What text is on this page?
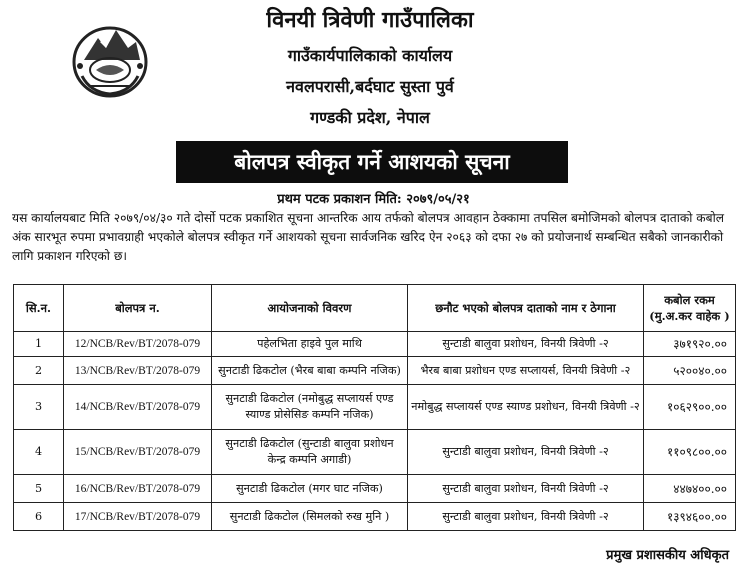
विनयी त्रिवेणी गाउँपालिका
गाउँकार्यपालिकाको कार्यालय
नवलपरासी,बर्दघाट सुस्ता पुर्व
गण्डकी प्रदेश, नेपाल
बोलपत्र स्वीकृत गर्ने आशयको सूचना
प्रथम पटक प्रकाशन मिति: २०७९/०५/२१
यस कार्यालयबाट मिति २०७९/०४/३० गते दोर्सो पटक प्रकाशित सूचना आन्तरिक आय तर्फको बोलपत्र आवहान ठेक्कामा तपसिल बमोजिमको बोलपत्र दाताको कबोल अंक सारभूत रुपमा प्रभावग्राही भएकोले बोलपत्र स्वीकृत गर्ने आशयको सूचना सार्वजनिक खरिद ऐन २०६३ को दफा २७ को प्रयोजनार्थ सम्बन्धित सबैको जानकारीको लागि प्रकाशन गरिएको छ।
सि.न.	बोलपत्र न.	आयोजनाको विवरण	छनौट भएको बोलपत्र दाताको नाम र ठेगाना	कबोल रकम
(मु.अ.कर वाहेक )
1	12/NCB/Rev/BT/2078-079	पहेलभिता हाइवे पुल माथि	सुन्टाडी बालुवा प्रशोधन, विनयी त्रिवेणी -२	३७१९२०.००
2	13/NCB/Rev/BT/2078-079	सुनटाडी ढिकटोल (भैरब बाबा कम्पनि नजिक)	भैरब बाबा प्रशोधन एण्ड सप्लायर्स, विनयी त्रिवेणी -२	५२००४०.००
3	14/NCB/Rev/BT/2078-079	सुनटाडी ढिकटोल (नमोबुद्ध सप्लायर्स एण्ड स्याण्ड प्रोसेसिङ कम्पनि नजिक)	नमोबुद्ध सप्लायर्स एण्ड स्याण्ड प्रशोधन, विनयी त्रिवेणी -२	१०६२९००.००
4	15/NCB/Rev/BT/2078-079	सुनटाडी ढिकटोल (सुन्टाडी बालुवा प्रशोधन केन्द्र कम्पनि अगाडी)	सुन्टाडी बालुवा प्रशोधन, विनयी त्रिवेणी -२	११०९८००.००
5	16/NCB/Rev/BT/2078-079	सुनटाडी ढिकटोल (मगर घाट नजिक)	सुन्टाडी बालुवा प्रशोधन, विनयी त्रिवेणी -२	४४७४००.००
6	17/NCB/Rev/BT/2078-079	सुनटाडी ढिकटोल (सिमलको रुख मुनि )	सुन्टाडी बालुवा प्रशोधन, विनयी त्रिवेणी -२	१३९४६००.००
प्रमुख प्रशासकीय अधिकृत
